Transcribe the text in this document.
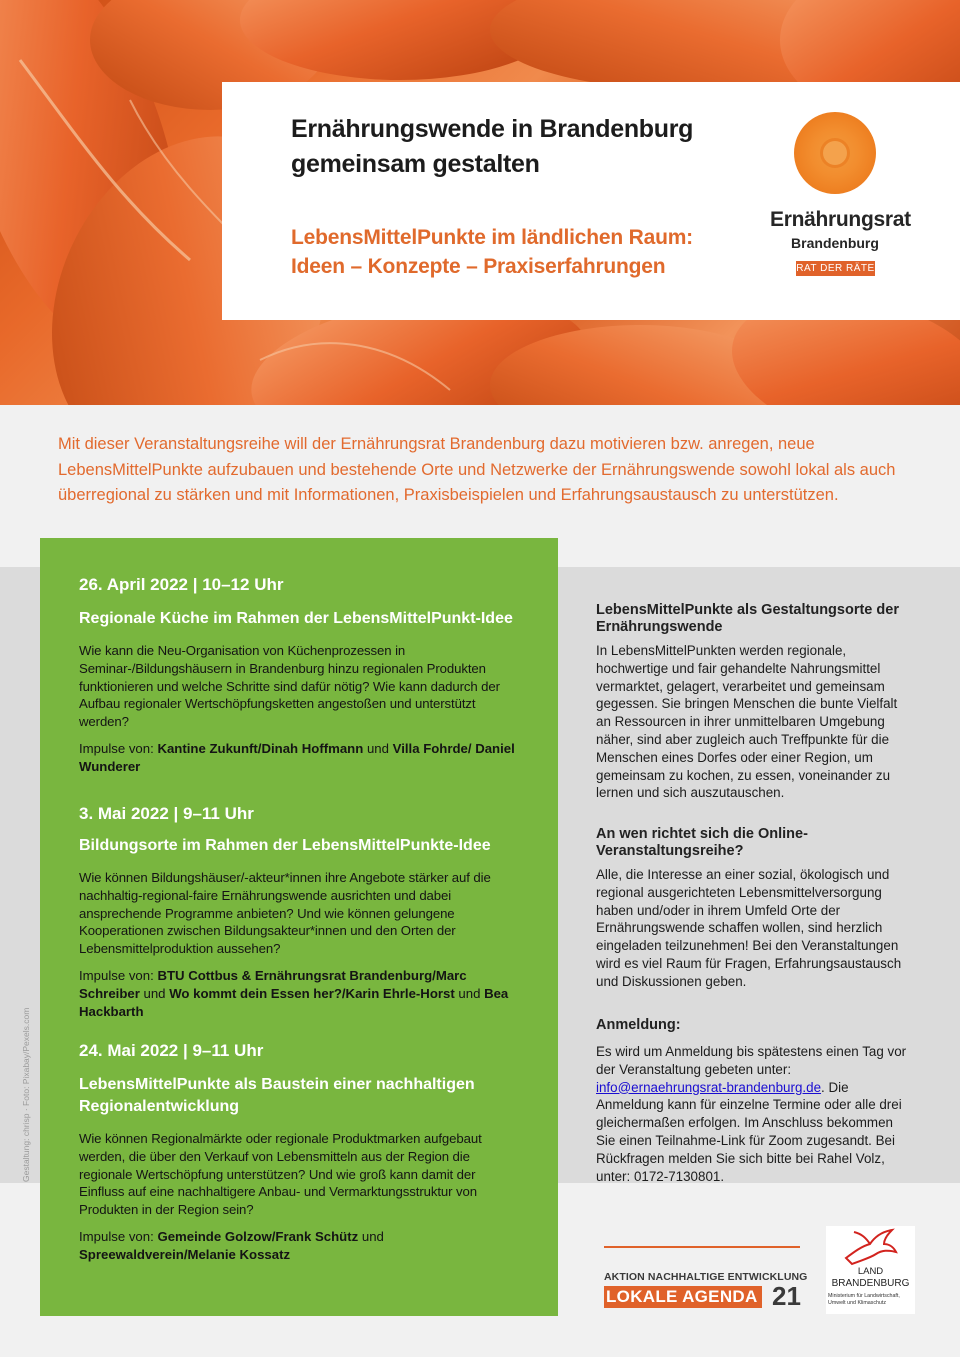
Ernährungswende in Brandenburg
gemeinsam gestalten
LebensMittelPunkte im ländlichen Raum:
Ideen – Konzepte – Praxiserfahrungen
Ernährungsrat
Brandenburg
RAT DER RÄTE

Mit dieser Veranstaltungsreihe will der Ernährungsrat Brandenburg dazu motivieren bzw. anregen, neue LebensMittelPunkte aufzubauen und bestehende Orte und Netzwerke der Ernährungswende sowohl lokal als auch überregional zu stärken und mit Informationen, Praxisbeispielen und Erfahrungsaustausch zu unterstützen.

26. April 2022 | 10–12 Uhr

Regionale Küche im Rahmen der LebensMittelPunkt-Idee

Wie kann die Neu-Organisation von Küchenprozessen in Seminar-/Bildungshäusern in Brandenburg hinzu regionalen Produkten funktionieren und welche Schritte sind dafür nötig? Wie kann dadurch der Aufbau regionaler Wertschöpfungsketten angestoßen und unterstützt werden?

Impulse von: Kantine Zukunft/Dinah Hoffmann und Villa Fohrde/ Daniel Wunderer

3. Mai 2022 | 9–11 Uhr

Bildungsorte im Rahmen der LebensMittelPunkte-Idee

Wie können Bildungshäuser/-akteur*innen ihre Angebote stärker auf die nachhaltig-regional-faire Ernährungswende ausrichten und dabei ansprechende Programme anbieten? Und wie können gelungene Kooperationen zwischen Bildungsakteur*innen und den Orten der Lebensmittelproduktion aussehen?

Impulse von: BTU Cottbus & Ernährungsrat Brandenburg/Marc Schreiber und Wo kommt dein Essen her?/Karin Ehrle-Horst und Bea Hackbarth

24. Mai 2022 | 9–11 Uhr

LebensMittelPunkte als Baustein einer nachhaltigen Regionalentwicklung

Wie können Regionalmärkte oder regionale Produktmarken aufgebaut werden, die über den Verkauf von Lebensmitteln aus der Region die regionale Wertschöpfung unterstützen? Und wie groß kann damit der Einfluss auf eine nachhaltigere Anbau- und Vermarktungsstruktur von Produkten in der Region sein?

Impulse von: Gemeinde Golzow/Frank Schütz und Spreewaldverein/Melanie Kossatz

LebensMittelPunkte als Gestaltungsorte der Ernährungswende

In LebensMittelPunkten werden regionale, hochwertige und fair gehandelte Nahrungsmittel vermarktet, gelagert, verarbeitet und gemeinsam gegessen. Sie bringen Menschen die bunte Vielfalt an Ressourcen in ihrer unmittelbaren Umgebung näher, sind aber zugleich auch Treffpunkte für die Menschen eines Dorfes oder einer Region, um gemeinsam zu kochen, zu essen, voneinander zu lernen und sich auszutauschen.

An wen richtet sich die Online-Veranstaltungsreihe?

Alle, die Interesse an einer sozial, ökologisch und regional ausgerichteten Lebensmittelversorgung haben und/oder in ihrem Umfeld Orte der Ernährungswende schaffen wollen, sind herzlich eingeladen teilzunehmen! Bei den Veranstaltungen wird es viel Raum für Fragen, Erfahrungsaustausch und Diskussionen geben.

Anmeldung:

Es wird um Anmeldung bis spätestens einen Tag vor der Veranstaltung gebeten unter: info@ernaehrungsrat-brandenburg.de. Die Anmeldung kann für einzelne Termine oder alle drei gleichermaßen erfolgen. Im Anschluss bekommen Sie einen Teilnahme-Link für Zoom zugesandt. Bei Rückfragen melden Sie sich bitte bei Rahel Volz, unter: 0172-7130801.

Gestaltung: chrisp · Foto: Pixabay/Pexels.com
AKTION NACHHALTIGE ENTWICKLUNG
LOKALE AGENDA 21
LAND
BRANDENBURG
Ministerium für Landwirtschaft, Umwelt und Klimaschutz
